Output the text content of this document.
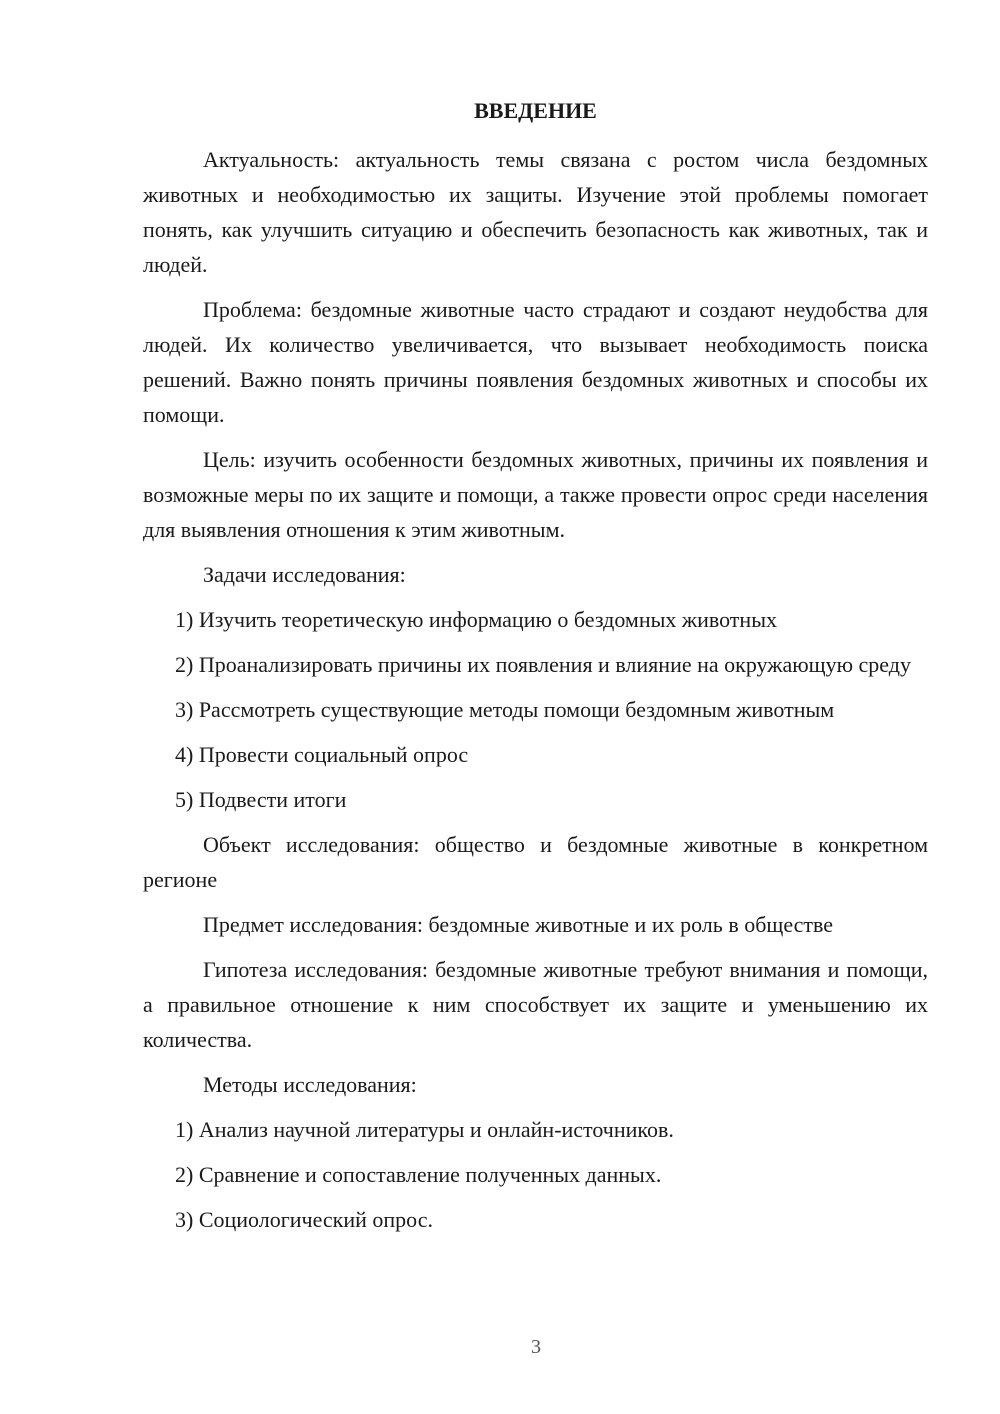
ВВЕДЕНИЕ

Актуальность: актуальность темы связана с ростом числа бездомных животных и необходимостью их защиты. Изучение этой проблемы помогает понять, как улучшить ситуацию и обеспечить безопасность как животных, так и людей.

Проблема: бездомные животные часто страдают и создают неудобства для людей. Их количество увеличивается, что вызывает необходимость поиска решений. Важно понять причины появления бездомных животных и способы их помощи.

Цель: изучить особенности бездомных животных, причины их появления и возможные меры по их защите и помощи, а также провести опрос среди населения для выявления отношения к этим животным.

Задачи исследования:

1) Изучить теоретическую информацию о бездомных животных

2) Проанализировать причины их появления и влияние на окружающую среду

3) Рассмотреть существующие методы помощи бездомным животным

4) Провести социальный опрос

5) Подвести итоги

Объект исследования: общество и бездомные животные в конкретном регионе

Предмет исследования: бездомные животные и их роль в обществе

Гипотеза исследования: бездомные животные требуют внимания и помощи, а правильное отношение к ним способствует их защите и уменьшению их количества.

Методы исследования:

1) Анализ научной литературы и онлайн-источников.

2) Сравнение и сопоставление полученных данных.

3) Социологический опрос.

3
